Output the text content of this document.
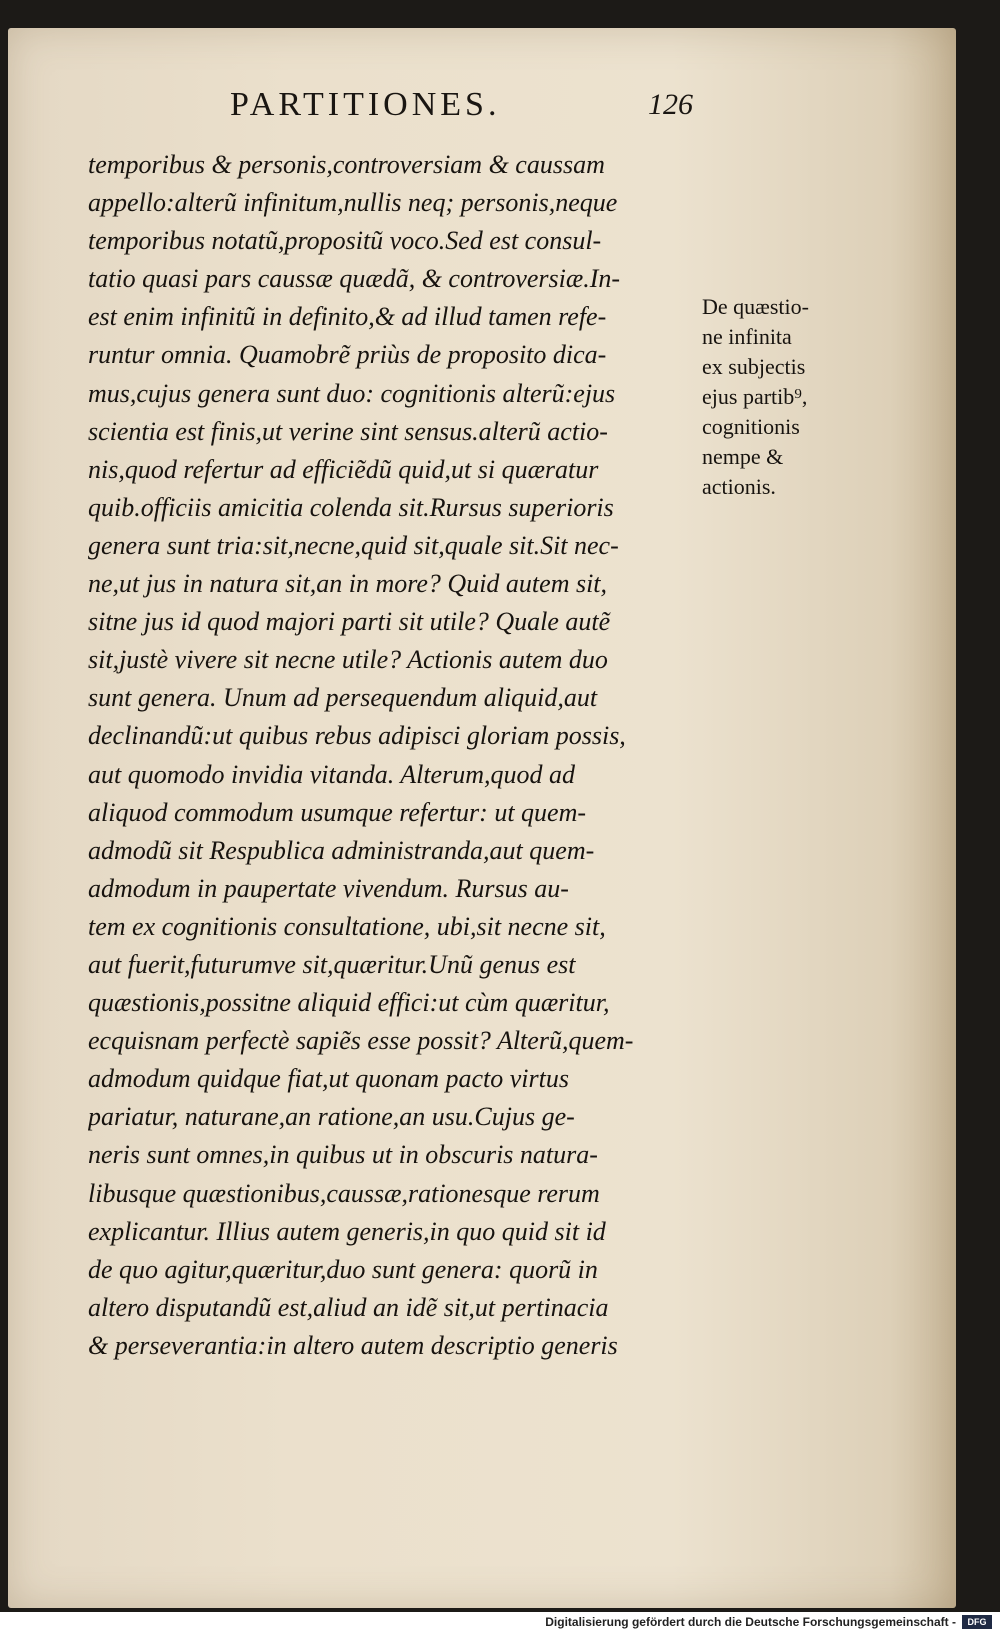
PARTITIONES.	126
temporibus & personis,controversiam & caussam
appello:alterũ infinitum,nullis neq; personis,neque
temporibus notatũ,propositũ voco.Sed est consul-
tatio quasi pars caussæ quædã, & controversiæ.In-
est enim infinitũ in definito,& ad illud tamen refe-
runtur omnia. Quamobrẽ priùs de proposito dica-
mus,cujus genera sunt duo: cognitionis alterũ:ejus
scientia est finis,ut verine sint sensus.alterũ actio-
nis,quod refertur ad efficiẽdũ quid,ut si quæratur
quib.officiis amicitia colenda sit.Rursus superioris
genera sunt tria:sit,necne,quid sit,quale sit.Sit nec-
ne,ut jus in natura sit,an in more? Quid autem sit,
sitne jus id quod majori parti sit utile? Quale autẽ
sit,justè vivere sit necne utile? Actionis autem duo
sunt genera. Unum ad persequendum aliquid,aut
declinandũ:ut quibus rebus adipisci gloriam possis,
aut quomodo invidia vitanda. Alterum,quod ad
aliquod commodum usumque refertur: ut quem-
admodũ sit Respublica administranda,aut quem-
admodum in paupertate vivendum. Rursus au-
tem ex cognitionis consultatione, ubi,sit necne sit,
aut fuerit,futurumve sit,quæritur.Unũ genus est
quæstionis,possitne aliquid effici:ut cùm quæritur,
ecquisnam perfectè sapiẽs esse possit? Alterũ,quem-
admodum quidque fiat,ut quonam pacto virtus
pariatur, naturane,an ratione,an usu.Cujus ge-
neris sunt omnes,in quibus ut in obscuris natura-
libusque quæstionibus,caussæ,rationesque rerum
explicantur. Illius autem generis,in quo quid sit id
de quo agitur,quæritur,duo sunt genera: quorũ in
altero disputandũ est,aliud an idẽ sit,ut pertinacia
& perseverantia:in altero autem descriptio generis
De quæstio-
ne infinita
ex subjectis
ejus partib⁹,
cognitionis
nempe &
actionis.
Digitalisierung gefördert durch die Deutsche Forschungsgemeinschaft -	DFG
